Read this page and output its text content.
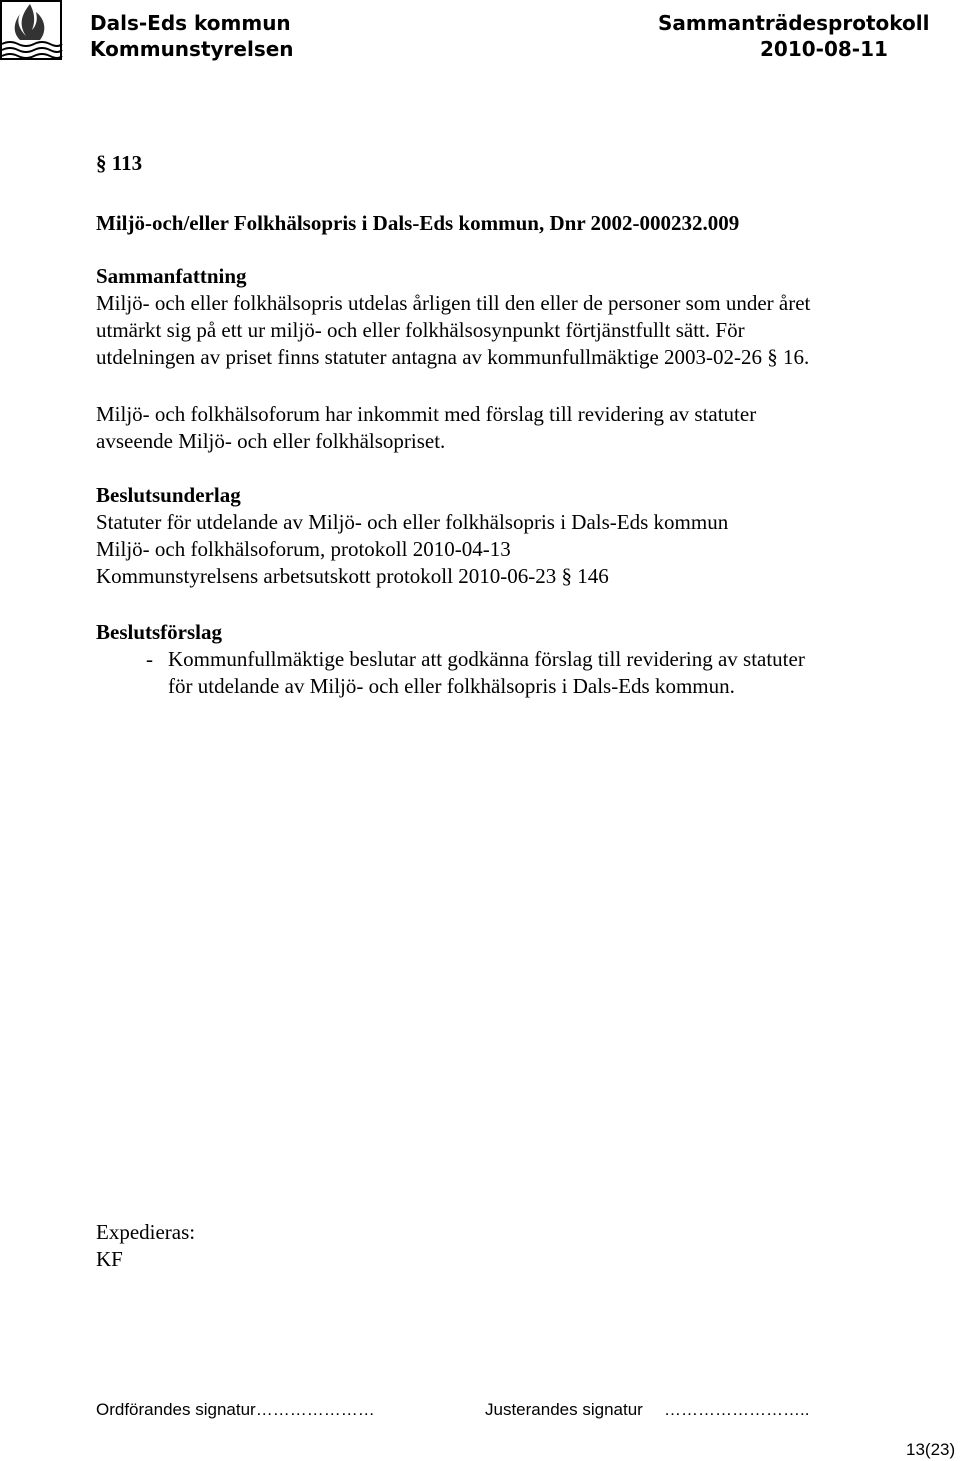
Dals-Eds kommun
Kommunstyrelsen
Sammanträdesprotokoll
2010-08-11
§ 113
Miljö-och/eller Folkhälsopris i Dals-Eds kommun, Dnr 2002-000232.009
Sammanfattning
Miljö- och eller folkhälsopris utdelas årligen till den eller de personer som under året
utmärkt sig på ett ur miljö- och eller folkhälsosynpunkt förtjänstfullt sätt. För
utdelningen av priset finns statuter antagna av kommunfullmäktige 2003-02-26 § 16.
Miljö- och folkhälsoforum har inkommit med förslag till revidering av statuter
avseende Miljö- och eller folkhälsopriset.
Beslutsunderlag
Statuter för utdelande av Miljö- och eller folkhälsopris i Dals-Eds kommun
Miljö- och folkhälsoforum, protokoll 2010-04-13
Kommunstyrelsens arbetsutskott protokoll 2010-06-23 § 146
Beslutsförslag
- Kommunfullmäktige beslutar att godkänna förslag till revidering av statuter
för utdelande av Miljö- och eller folkhälsopris i Dals-Eds kommun.
Expedieras:
KF
Ordförandes signatur…………………	Justerandes signatur ……………………..
13(23)
